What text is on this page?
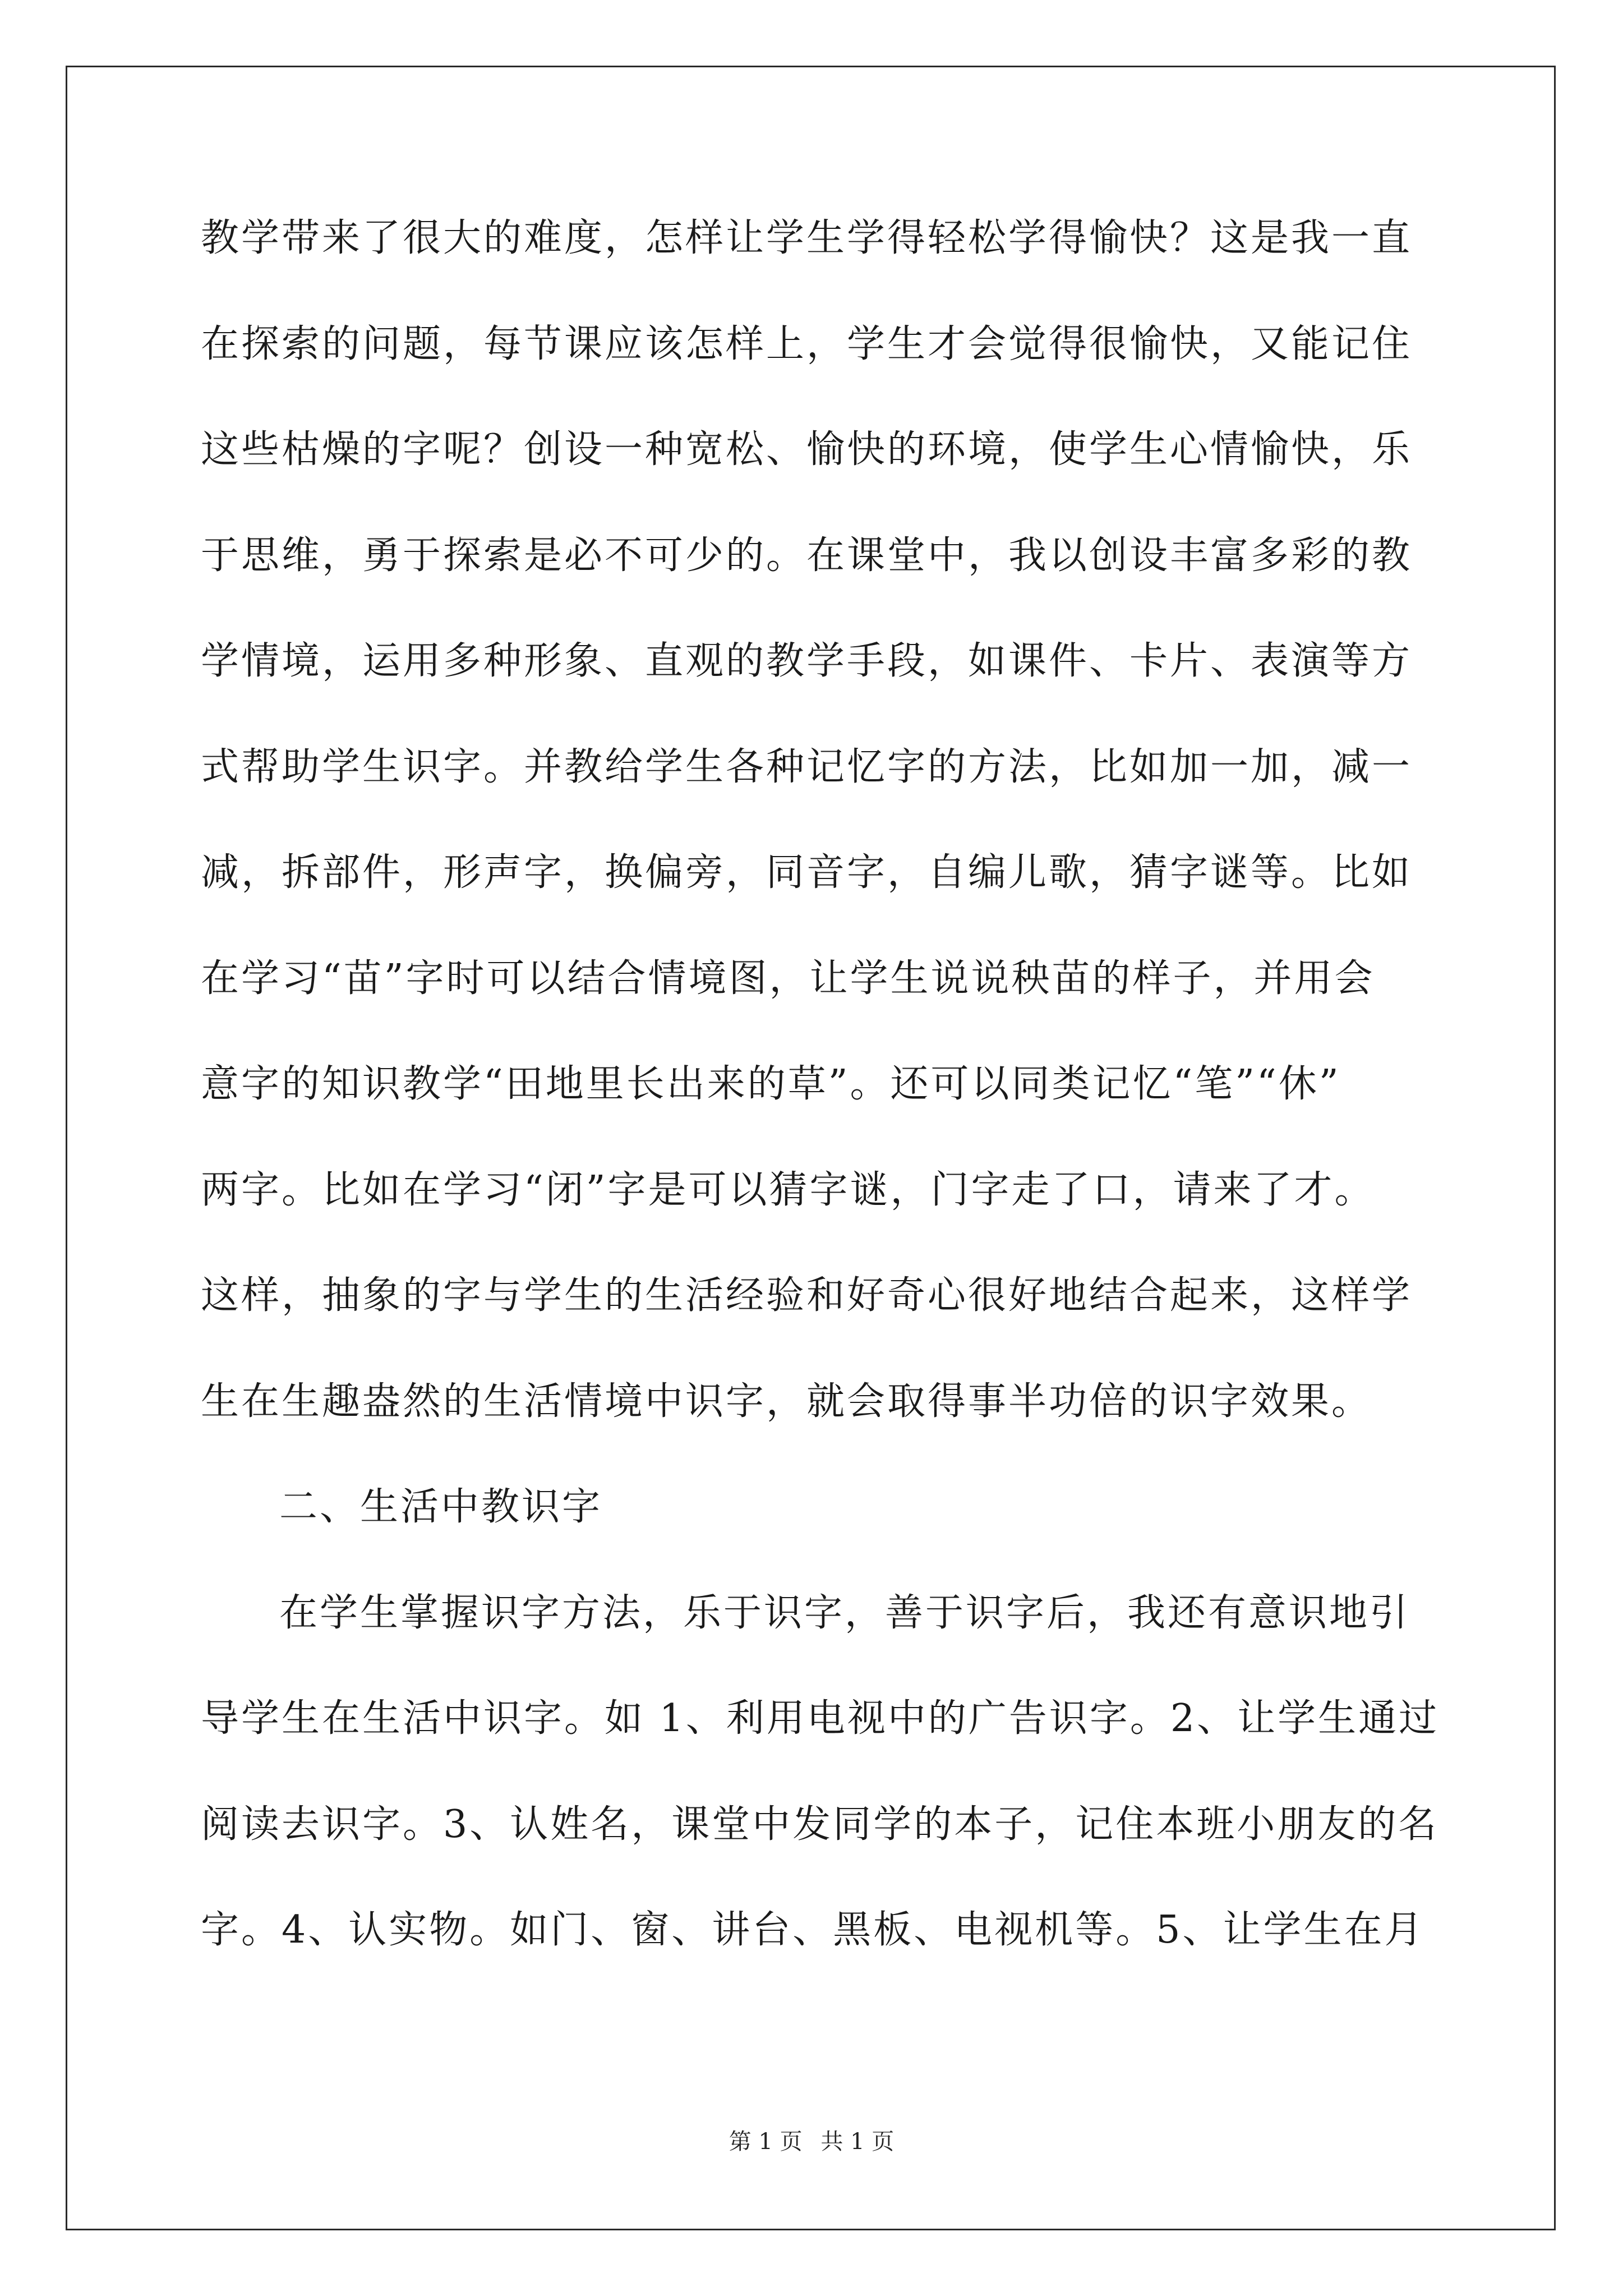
教学带来了很大的难度，怎样让学生学得轻松学得愉快？这是我一直
在探索的问题，每节课应该怎样上，学生才会觉得很愉快，又能记住
这些枯燥的字呢？创设一种宽松、愉快的环境，使学生心情愉快，乐
于思维，勇于探索是必不可少的。在课堂中，我以创设丰富多彩的教
学情境，运用多种形象、直观的教学手段，如课件、卡片、表演等方
式帮助学生识字。并教给学生各种记忆字的方法，比如加一加，减一
减，拆部件，形声字，换偏旁，同音字，自编儿歌，猜字谜等。比如
在学习“苗”字时可以结合情境图，让学生说说秧苗的样子，并用会
意字的知识教学“田地里长出来的草”。还可以同类记忆“笔”“休”
两字。比如在学习“闭”字是可以猜字谜，门字走了口，请来了才。
这样，抽象的字与学生的生活经验和好奇心很好地结合起来，这样学
生在生趣盎然的生活情境中识字，就会取得事半功倍的识字效果。
二、生活中教识字
在学生掌握识字方法，乐于识字，善于识字后，我还有意识地引
导学生在生活中识字。如 1、利用电视中的广告识字。2、让学生通过
阅读去识字。3、认姓名，课堂中发同学的本子，记住本班小朋友的名
字。4、认实物。如门、窗、讲台、黑板、电视机等。5、让学生在月
第 1 页 共 1 页
